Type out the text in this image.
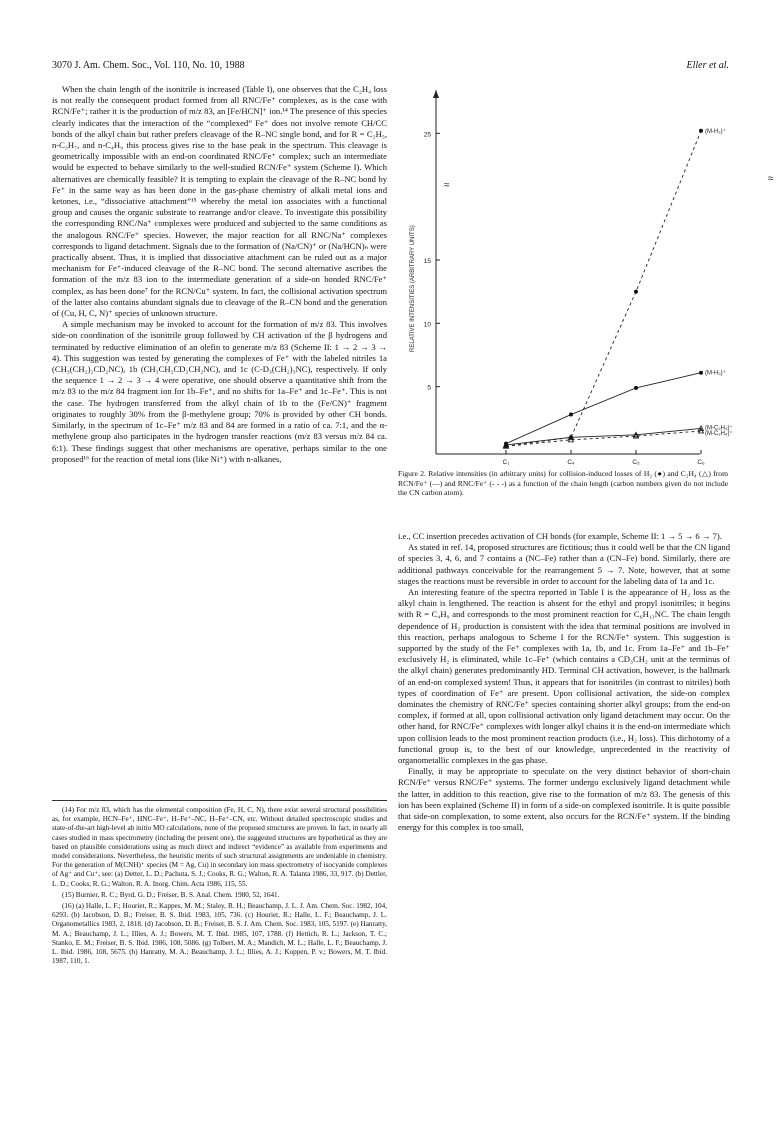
3070 J. Am. Chem. Soc., Vol. 110, No. 10, 1988	Eller et al.

When the chain length of the isonitrile is increased (Table I), one observes that the C₂H₄ loss is not really the consequent product formed from all RNC/Fe⁺ complexes, as is the case with RCN/Fe⁺; rather it is the production of m/z 83, an [Fe/HCN]⁺ ion.¹⁴ The presence of this species clearly indicates that the interaction of the “complexed” Fe⁺ does not involve remote CH/CC bonds of the alkyl chain but rather prefers cleavage of the R–NC single bond, and for R = C₂H₅, n-C₃H₇, and n-C₄H₉ this process gives rise to the base peak in the spectrum. This cleavage is geometrically impossible with an end-on coordinated RNC/Fe⁺ complex; such an intermediate would be expected to behave similarly to the well-studied RCN/Fe⁺ system (Scheme I). Which alternatives are chemically feasible? It is tempting to explain the cleavage of the R–NC bond by Fe⁺ in the same way as has been done in the gas-phase chemistry of alkali metal ions and ketones, i.e., “dissociative attachment”¹⁵ whereby the metal ion associates with a functional group and causes the organic substrate to rearrange and/or cleave. To investigate this possibility the corresponding RNC/Na⁺ complexes were produced and subjected to the same conditions as the analogous RNC/Fe⁺ species. However, the major reaction for all RNC/Na⁺ complexes corresponds to ligand detachment. Signals due to the formation of (Na/CN)⁺ or (Na/HCN)ₙ were practically absent. Thus, it is implied that dissociative attachment can be ruled out as a major mechanism for Fe⁺-induced cleavage of the R–NC bond. The second alternative ascribes the formation of the m/z 83 ion to the intermediate generation of a side-on bonded RNC/Fe⁺ complex, as has been done⁷ for the RCN/Cu⁺ system. In fact, the collisional activation spectrum of the latter also contains abundant signals due to cleavage of the R–CN bond and the generation of (Cu, H, C, N)⁺ species of unknown structure.

A simple mechanism may be invoked to account for the formation of m/z 83. This involves side-on coordination of the isonitrile group followed by CH activation of the β hydrogens and terminated by reductive elimination of an olefin to generate m/z 83 (Scheme II: 1 → 2 → 3 → 4). This suggestion was tested by generating the complexes of Fe⁺ with the labeled nitriles 1a (CH₃(CH₂)₂CD₂NC), 1b (CH₃CH₂CD₂CH₂NC), and 1c (C-D₃(CH₂)₃NC), respectively. If only the sequence 1 → 2 → 3 → 4 were operative, one should observe a quantitative shift from the m/z 83 to the m/z 84 fragment ion for 1b–Fe⁺, and no shifts for 1a–Fe⁺ and 1c–Fe⁺. This is not the case. The hydrogen transferred from the alkyl chain of 1b to the (Fe/CN)⁺ fragment originates to roughly 30% from the β-methylene group; 70% is provided by other CH bonds. Similarly, in the spectrum of 1c–Fe⁺ m/z 83 and 84 are formed in a ratio of ca. 7:1, and the α-methylene group also participates in the hydrogen transfer reactions (m/z 83 versus m/z 84 ca. 6:1). These findings suggest that other mechanisms are operative, perhaps similar to the one proposed¹⁶ for the reaction of metal ions (like Ni⁺) with n-alkanes,

(14) For m/z 83, which has the elemental composition (Fe, H, C, N), there exist several structural possibilities as, for example, HCN–Fe⁺, HNC–Fe⁺, H–Fe⁺–NC, H–Fe⁺–CN, etc. Without detailed spectroscopic studies and state-of-the-art high-level ab initio MO calculations, none of the proposed structures are proven. In fact, in nearly all cases studied in mass spectrometry (including the present one), the suggested structures are hypothetical as they are based on plausible considerations using as much direct and indirect “evidence” as available from experiments and model considerations. Nevertheless, the heuristic merits of such structural assignments are undeniable in chemistry. For the generation of M(CNH)⁺ species (M = Ag, Cu) in secondary ion mass spectrometry of isocyanide complexes of Ag⁺ and Cu⁺, see: (a) Detter, L. D.; Pachuta, S. J.; Cooks, R. G.; Walton, R. A. Talanta 1986, 33, 917. (b) Dettler, L. D.; Cooks, R. G.; Walton, R. A. Inorg. Chim. Acta 1986, 115, 55.

(15) Burnier, R. C.; Byrd, G. D.; Freiser, B. S. Anal. Chem. 1980, 52, 1641.

(16) (a) Halle, L. F.; Houriet, R.; Kappes, M. M.; Staley, R. H.; Beauchamp, J. L. J. Am. Chem. Soc. 1982, 104, 6293. (b) Jacobson, D. B.; Freiser, B. S. Ibid. 1983, 105, 736. (c) Houriet, R.; Halle, L. F.; Beauchamp, J. L. Organometallics 1983, 2, 1818. (d) Jacobson, D. B.; Freiser, B. S. J. Am. Chem. Soc. 1983, 105, 5197. (e) Hanratty, M. A.; Beauchamp, J. L.; Illies, A. J.; Bowers, M. T. Ibid. 1985, 107, 1788. (f) Hettich, R. L.; Jackson, T. C.; Stanko, E. M.; Freiser, B. S. Ibid. 1986, 108, 5086. (g) Tolbert, M. A.; Mandich, M. L.; Halle, L. F.; Beauchamp, J. L. Ibid. 1986, 108, 5675. (h) Hanratty, M. A.; Beauchamp, J. L.; Illies, A. J.; Koppen, P. v.; Bowers, M. T. Ibid. 1987, 110, 1.

RELATIVE INTENSITIES (ARBITRARY UNITS)
5
10
15
25
≈
≈
C₁	C₄	C₅	C₆
(M-H₂)⁺
(M-C₂H₄)⁺
(M-H₂)⁺
(M-C₂H₄)⁺
Figure 2. Relative intensities (in arbitrary units) for collision-induced losses of H₂ (●) and C₂H₄ (△) from RCN/Fe⁺ (—) and RNC/Fe⁺ (- - -) as a function of the chain length (carbon numbers given do not include the CN carbon atom).

i.e., CC insertion precedes activation of CH bonds (for example, Scheme II: 1 → 5 → 6 → 7).

As stated in ref. 14, proposed structures are fictitious; thus it could well be that the CN ligand of species 3, 4, 6, and 7 contains a (NC–Fe) rather than a (CN–Fe) bond. Similarly, there are additional pathways conceivable for the rearrangement 5 → 7. Note, however, that at some stages the reactions must be reversible in order to account for the labeling data of 1a and 1c.

An interesting feature of the spectra reported in Table I is the appearance of H₂ loss as the alkyl chain is lengthened. The reaction is absent for the ethyl and propyl isonitriles; it begins with R = C₄H₉ and corresponds to the most prominent reaction for C₆H₁₃NC. The chain length dependence of H₂ production is consistent with the idea that terminal positions are involved in this reaction, perhaps analogous to Scheme I for the RCN/Fe⁺ system. This suggestion is supported by the study of the Fe⁺ complexes with 1a, 1b, and 1c. From 1a–Fe⁺ and 1b–Fe⁺ exclusively H₂ is eliminated, while 1c–Fe⁺ (which contains a CD₃CH₂ unit at the terminus of the alkyl chain) generates predominantly HD. Terminal CH activation, however, is the hallmark of an end-on complexed system! Thus, it appears that for isonitriles (in contrast to nitriles) both types of coordination of Fe⁺ are present. Upon collisional activation, the side-on complex dominates the chemistry of RNC/Fe⁺ species containing shorter alkyl groups; from the end-on complex, if formed at all, upon collisional activation only ligand detachment may occur. On the other hand, for RNC/Fe⁺ complexes with longer alkyl chains it is the end-on intermediate which upon collision leads to the most prominent reaction products (i.e., H₂ loss). This dichotomy of a functional group is, to the best of our knowledge, unprecedented in the reactivity of organometallic complexes in the gas phase.

Finally, it may be appropriate to speculate on the very distinct behavior of short-chain RCN/Fe⁺ versus RNC/Fe⁺ systems. The former undergo exclusively ligand detachment while the latter, in addition to this reaction, give rise to the formation of m/z 83. The genesis of this ion has been explained (Scheme II) in form of a side-on complexed isonitrile. It is quite possible that side-on complexation, to some extent, also occurs for the RCN/Fe⁺ system. If the binding energy for this complex is too small,
